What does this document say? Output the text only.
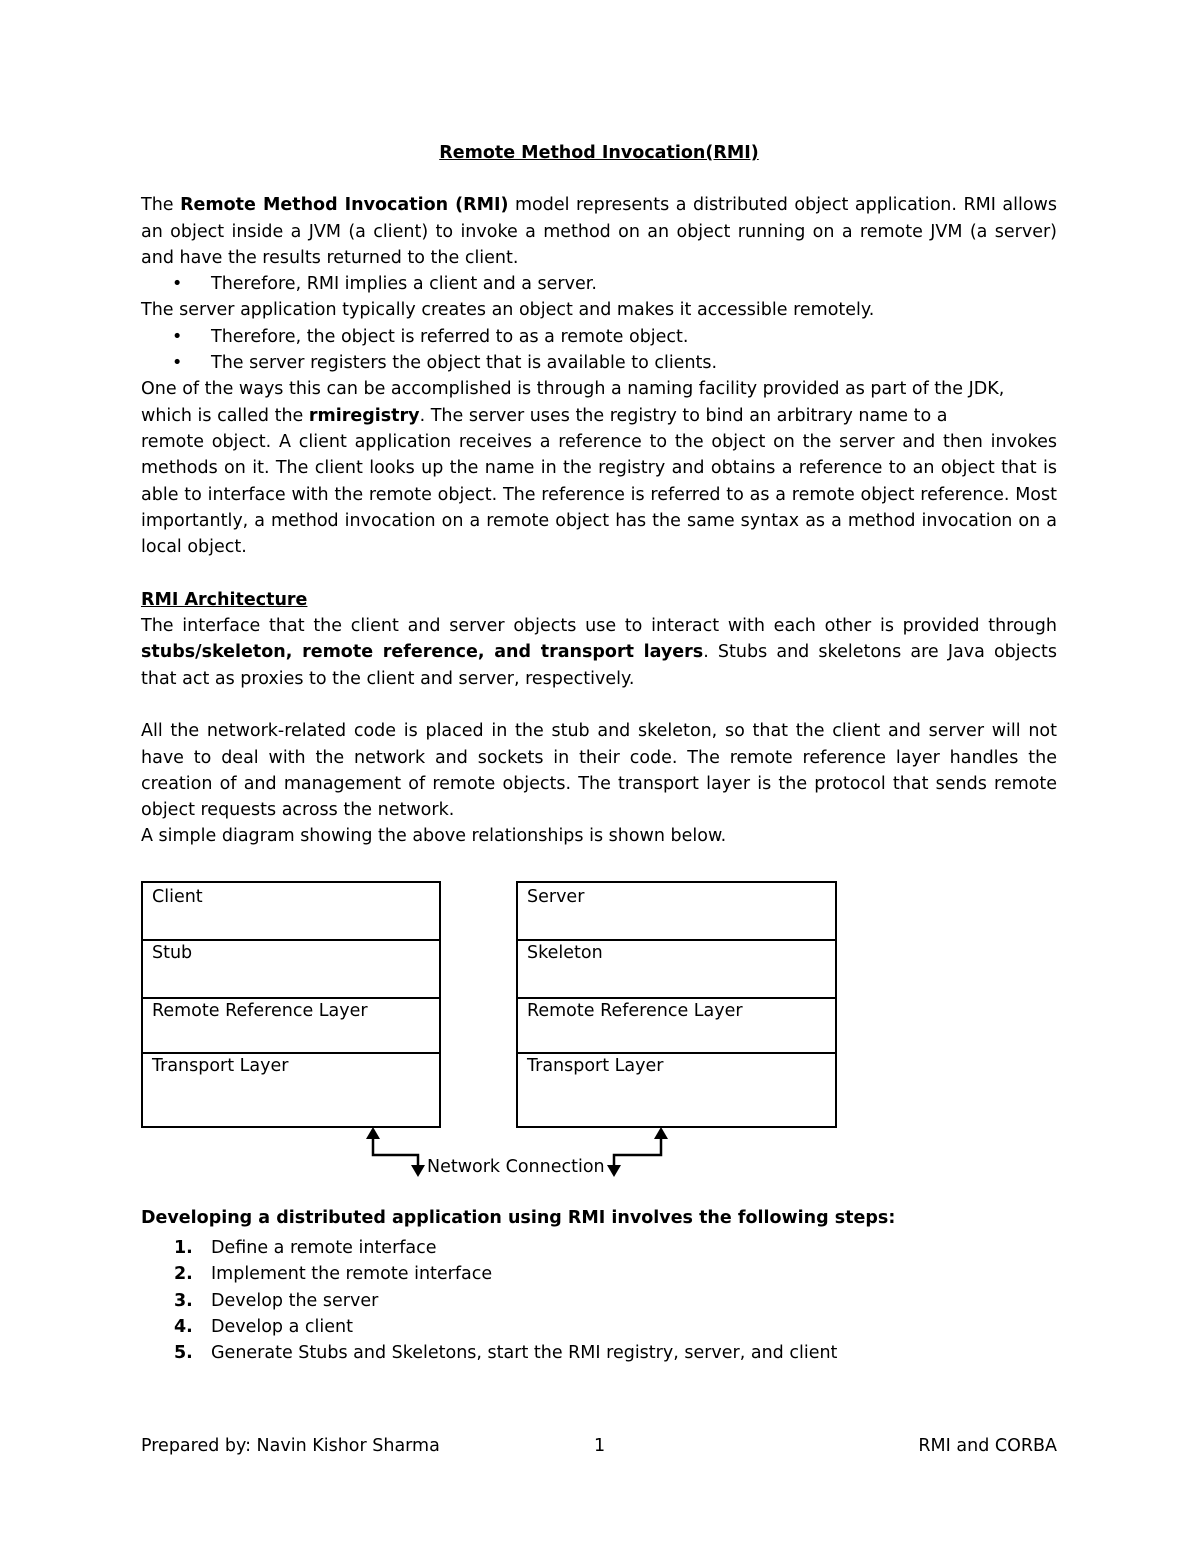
Remote Method Invocation(RMI)

The Remote Method Invocation (RMI) model represents a distributed object application. RMI allows an object inside a JVM (a client) to invoke a method on an object running on a remote JVM (a server) and have the results returned to the client.

•	Therefore, RMI implies a client and a server.

The server application typically creates an object and makes it accessible remotely.

•	Therefore, the object is referred to as a remote object.

•	The server registers the object that is available to clients.

One of the ways this can be accomplished is through a naming facility provided as part of the JDK, which is called the rmiregistry. The server uses the registry to bind an arbitrary name to a

remote object. A client application receives a reference to the object on the server and then invokes methods on it. The client looks up the name in the registry and obtains a reference to an object that is able to interface with the remote object. The reference is referred to as a remote object reference. Most importantly, a method invocation on a remote object has the same syntax as a method invocation on a local object.

RMI Architecture

The interface that the client and server objects use to interact with each other is provided through stubs/skeleton, remote reference, and transport layers. Stubs and skeletons are Java objects that act as proxies to the client and server, respectively.

All the network-related code is placed in the stub and skeleton, so that the client and server will not have to deal with the network and sockets in their code. The remote reference layer handles the creation of and management of remote objects. The transport layer is the protocol that sends remote object requests across the network.

A simple diagram showing the above relationships is shown below.

Client
Stub
Remote Reference Layer
Transport Layer
Server
Skeleton
Remote Reference Layer
Transport Layer
Network Connection
Developing a distributed application using RMI involves the following steps:
1. Define a remote interface
2. Implement the remote interface
3. Develop the server
4. Develop a client
5. Generate Stubs and Skeletons, start the RMI registry, server, and client
Prepared by: Navin Kishor Sharma	1	RMI and CORBA
